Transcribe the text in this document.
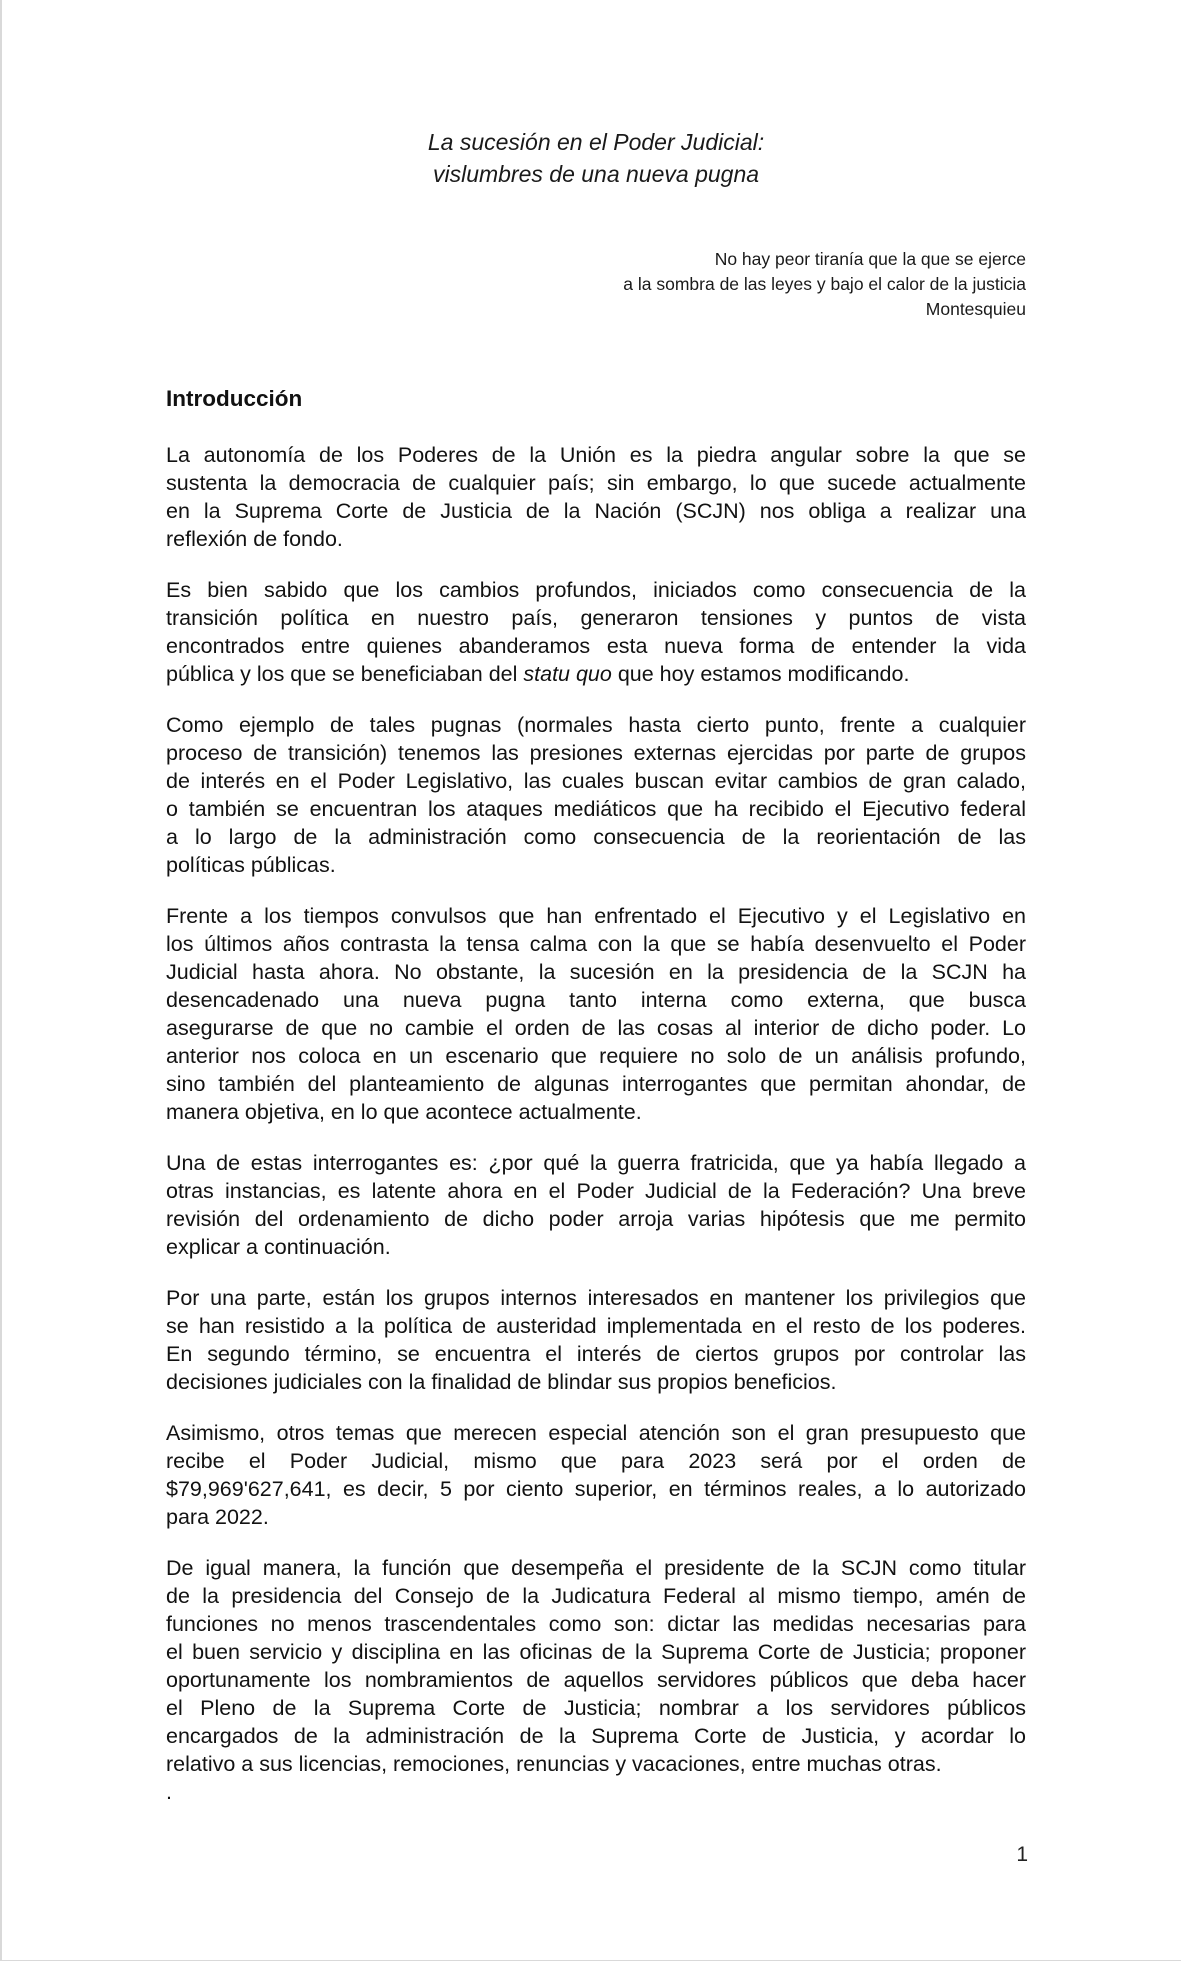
La sucesión en el Poder Judicial:
vislumbres de una nueva pugna
No hay peor tiranía que la que se ejerce
a la sombra de las leyes y bajo el calor de la justicia
Montesquieu
Introducción
La autonomía de los Poderes de la Unión es la piedra angular sobre la que se
sustenta la democracia de cualquier país; sin embargo, lo que sucede actualmente
en la Suprema Corte de Justicia de la Nación (SCJN) nos obliga a realizar una
reflexión de fondo.
Es bien sabido que los cambios profundos, iniciados como consecuencia de la
transición política en nuestro país, generaron tensiones y puntos de vista
encontrados entre quienes abanderamos esta nueva forma de entender la vida
pública y los que se beneficiaban del statu quo que hoy estamos modificando.
Como ejemplo de tales pugnas (normales hasta cierto punto, frente a cualquier
proceso de transición) tenemos las presiones externas ejercidas por parte de grupos
de interés en el Poder Legislativo, las cuales buscan evitar cambios de gran calado,
o también se encuentran los ataques mediáticos que ha recibido el Ejecutivo federal
a lo largo de la administración como consecuencia de la reorientación de las
políticas públicas.
Frente a los tiempos convulsos que han enfrentado el Ejecutivo y el Legislativo en
los últimos años contrasta la tensa calma con la que se había desenvuelto el Poder
Judicial hasta ahora. No obstante, la sucesión en la presidencia de la SCJN ha
desencadenado una nueva pugna tanto interna como externa, que busca
asegurarse de que no cambie el orden de las cosas al interior de dicho poder. Lo
anterior nos coloca en un escenario que requiere no solo de un análisis profundo,
sino también del planteamiento de algunas interrogantes que permitan ahondar, de
manera objetiva, en lo que acontece actualmente.
Una de estas interrogantes es: ¿por qué la guerra fratricida, que ya había llegado a
otras instancias, es latente ahora en el Poder Judicial de la Federación? Una breve
revisión del ordenamiento de dicho poder arroja varias hipótesis que me permito
explicar a continuación.
Por una parte, están los grupos internos interesados en mantener los privilegios que
se han resistido a la política de austeridad implementada en el resto de los poderes.
En segundo término, se encuentra el interés de ciertos grupos por controlar las
decisiones judiciales con la finalidad de blindar sus propios beneficios.
Asimismo, otros temas que merecen especial atención son el gran presupuesto que
recibe el Poder Judicial, mismo que para 2023 será por el orden de
$79,969'627,641, es decir, 5 por ciento superior, en términos reales, a lo autorizado
para 2022.
De igual manera, la función que desempeña el presidente de la SCJN como titular
de la presidencia del Consejo de la Judicatura Federal al mismo tiempo, amén de
funciones no menos trascendentales como son: dictar las medidas necesarias para
el buen servicio y disciplina en las oficinas de la Suprema Corte de Justicia; proponer
oportunamente los nombramientos de aquellos servidores públicos que deba hacer
el Pleno de la Suprema Corte de Justicia; nombrar a los servidores públicos
encargados de la administración de la Suprema Corte de Justicia, y acordar lo
relativo a sus licencias, remociones, renuncias y vacaciones, entre muchas otras.
.
1
